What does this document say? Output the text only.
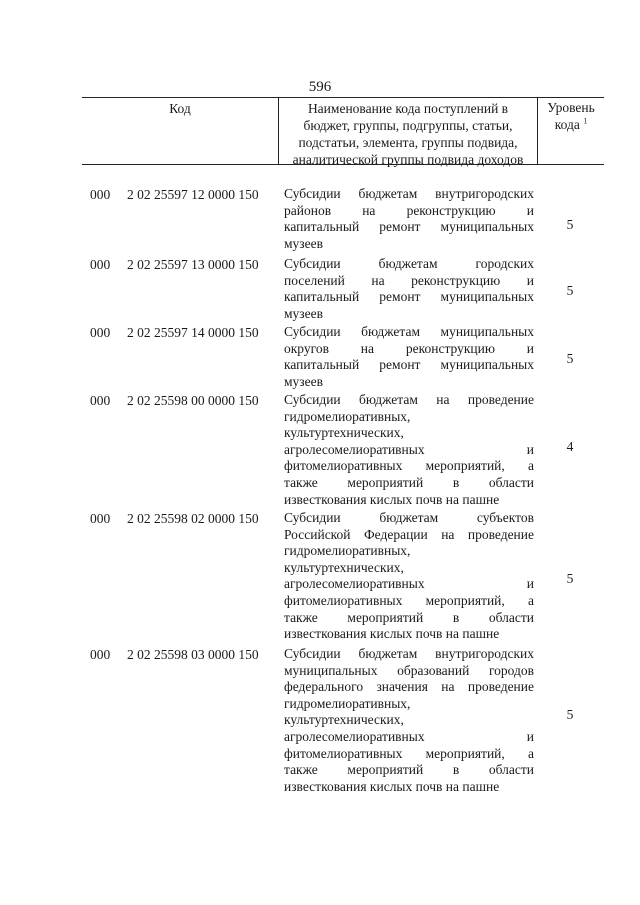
596
Код	Наименование кода поступлений в
бюджет, группы, подгруппы, статьи,
подстатьи, элемента, группы подвида,
аналитической группы подвида доходов
Уровень
кода $^1$
000 2 02 25597 12 0000 150 Субсидии бюджетам внутригородских
районов на реконструкцию и
капитальный ремонт муниципальных
музеев
5
000 2 02 25597 13 0000 150 Субсидии бюджетам городских
поселений на реконструкцию и
капитальный ремонт муниципальных
музеев
5
000 2 02 25597 14 0000 150 Субсидии бюджетам муниципальных
округов на реконструкцию и
капитальный ремонт муниципальных
музеев
5
000 2 02 25598 00 0000 150 Субсидии бюджетам на проведение
гидромелиоративных,
культуртехнических,
агролесомелиоративных и
фитомелиоративных мероприятий, а
также мероприятий в области
известкования кислых почв на пашне
4
000 2 02 25598 02 0000 150 Субсидии бюджетам субъектов
Российской Федерации на проведение
гидромелиоративных,
культуртехнических,
агролесомелиоративных и
фитомелиоративных мероприятий, а
также мероприятий в области
известкования кислых почв на пашне
5
000 2 02 25598 03 0000 150 Субсидии бюджетам внутригородских
муниципальных образований городов
федерального значения на проведение
гидромелиоративных,
культуртехнических,
агролесомелиоративных и
фитомелиоративных мероприятий, а
также мероприятий в области
известкования кислых почв на пашне
5
